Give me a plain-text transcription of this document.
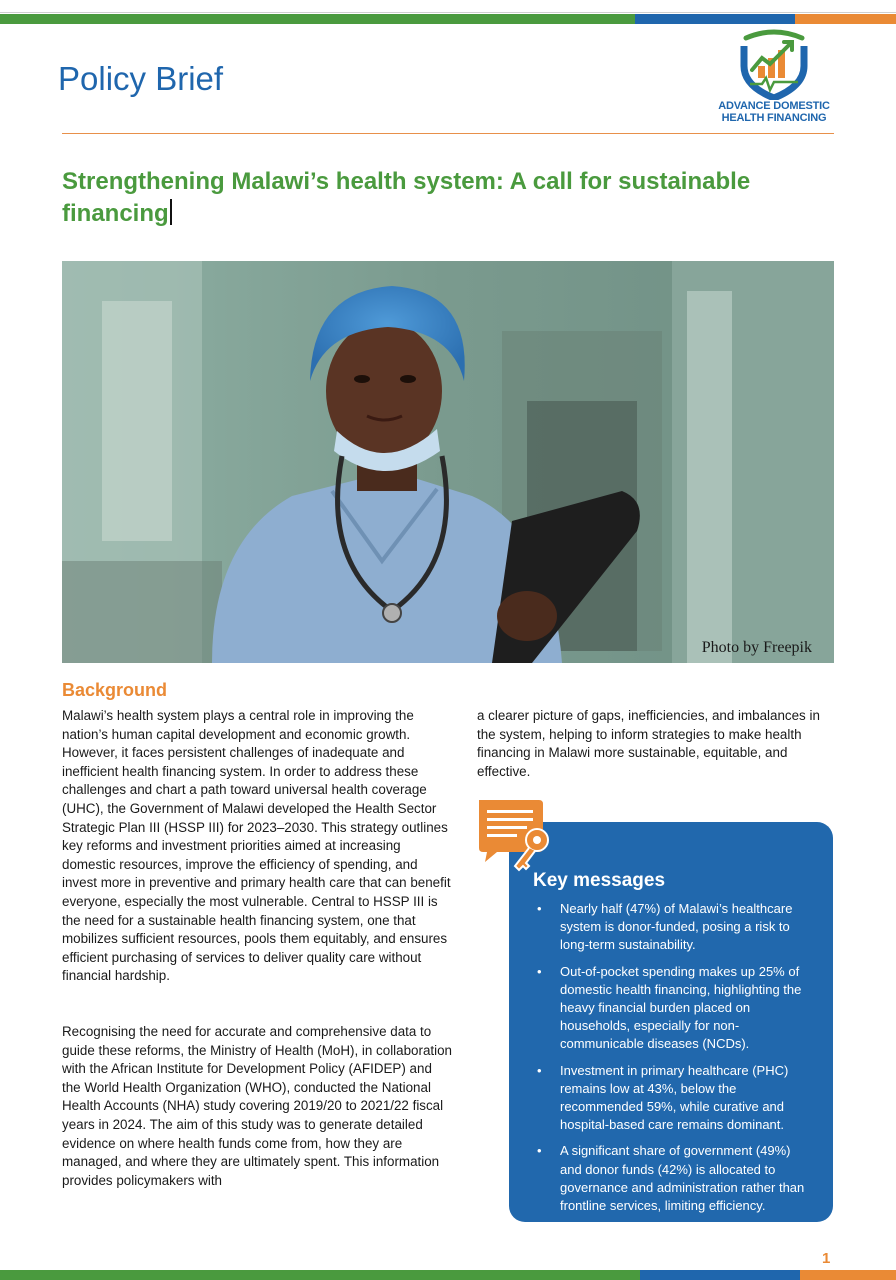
Policy Brief
ADVANCE DOMESTIC
HEALTH FINANCING
Strengthening Malawi’s health system: A call for sustainable financing
Photo by Freepik
Background

Malawi’s health system plays a central role in improving the nation’s human capital development and economic growth. However, it faces persistent challenges of inadequate and inefficient health financing system. In order to address these challenges and chart a path toward universal health coverage (UHC), the Government of Malawi developed the Health Sector Strategic Plan III (HSSP III) for 2023–2030. This strategy outlines key reforms and investment priorities aimed at increasing domestic resources, improve the efficiency of spending, and invest more in preventive and primary health care that can benefit everyone, especially the most vulnerable. Central to HSSP III is the need for a sustainable health financing system, one that mobilizes sufficient resources, pools them equitably, and ensures efficient purchasing of services to deliver quality care without financial hardship.

Recognising the need for accurate and comprehensive data to guide these reforms, the Ministry of Health (MoH), in collaboration with the African Institute for Development Policy (AFIDEP) and the World Health Organization (WHO), conducted the National Health Accounts (NHA) study covering 2019/20 to 2021/22 fiscal years in 2024. The aim of this study was to generate detailed evidence on where health funds come from, how they are managed, and where they are ultimately spent. This information provides policymakers with

a clearer picture of gaps, inefficiencies, and imbalances in the system, helping to inform strategies to make health financing in Malawi more sustainable, equitable, and effective.

Key messages
• Nearly half (47%) of Malawi’s healthcare system is donor-funded, posing a risk to long-term sustainability.
• Out-of-pocket spending makes up 25% of domestic health financing, highlighting the heavy financial burden placed on households, especially for non-communicable diseases (NCDs).
• Investment in primary healthcare (PHC) remains low at 43%, below the recommended 59%, while curative and hospital-based care remains dominant.
• A significant share of government (49%) and donor funds (42%) is allocated to governance and administration rather than frontline services, limiting efficiency.
1
